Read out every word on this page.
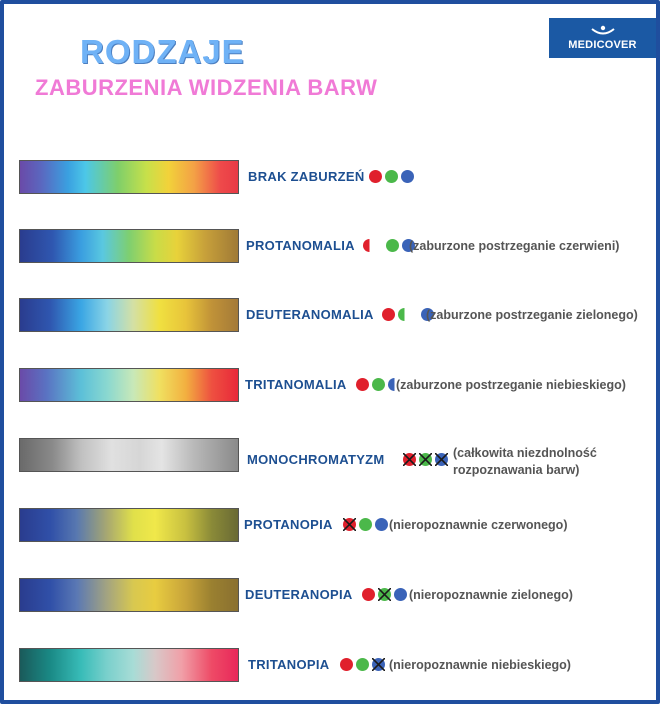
MEDICOVER
RODZAJE
ZABURZENIA WIDZENIA BARW
BRAK ZABURZEŃ
PROTANOMALIA	(zaburzone postrzeganie czerwieni)
DEUTERANOMALIA	(zaburzone postrzeganie zielonego)
TRITANOMALIA	(zaburzone postrzeganie niebieskiego)
MONOCHROMATYZM	(całkowita niezdnolność
rozpoznawania barw)
PROTANOPIA	(nieropoznawnie czerwonego)
DEUTERANOPIA	(nieropoznawnie zielonego)
TRITANOPIA	(nieropoznawnie niebieskiego)
